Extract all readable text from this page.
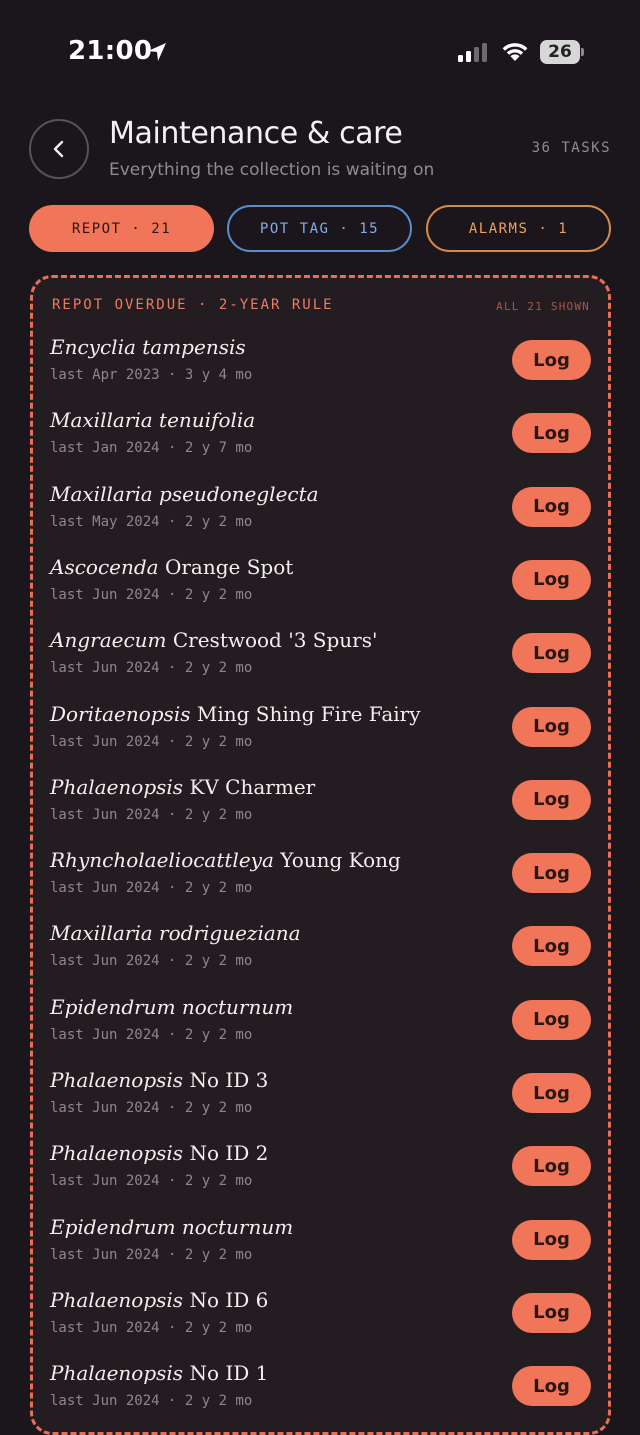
21:00	26
Maintenance & care
Everything the collection is waiting on
36 TASKS
REPOT · 21	POT TAG · 15	ALARMS · 1
REPOT OVERDUE · 2-YEAR RULE	ALL 21 SHOWN
Encyclia tampensis
last Apr 2023 · 3 y 4 mo
Log
Maxillaria tenuifolia
last Jan 2024 · 2 y 7 mo
Log
Maxillaria pseudoneglecta
last May 2024 · 2 y 2 mo
Log
Ascocenda Orange Spot
last Jun 2024 · 2 y 2 mo
Log
Angraecum Crestwood '3 Spurs'
last Jun 2024 · 2 y 2 mo
Log
Doritaenopsis Ming Shing Fire Fairy
last Jun 2024 · 2 y 2 mo
Log
Phalaenopsis KV Charmer
last Jun 2024 · 2 y 2 mo
Log
Rhyncholaeliocattleya Young Kong
last Jun 2024 · 2 y 2 mo
Log
Maxillaria rodrigueziana
last Jun 2024 · 2 y 2 mo
Log
Epidendrum nocturnum
last Jun 2024 · 2 y 2 mo
Log
Phalaenopsis No ID 3
last Jun 2024 · 2 y 2 mo
Log
Phalaenopsis No ID 2
last Jun 2024 · 2 y 2 mo
Log
Epidendrum nocturnum
last Jun 2024 · 2 y 2 mo
Log
Phalaenopsis No ID 6
last Jun 2024 · 2 y 2 mo
Log
Phalaenopsis No ID 1
last Jun 2024 · 2 y 2 mo
Log
